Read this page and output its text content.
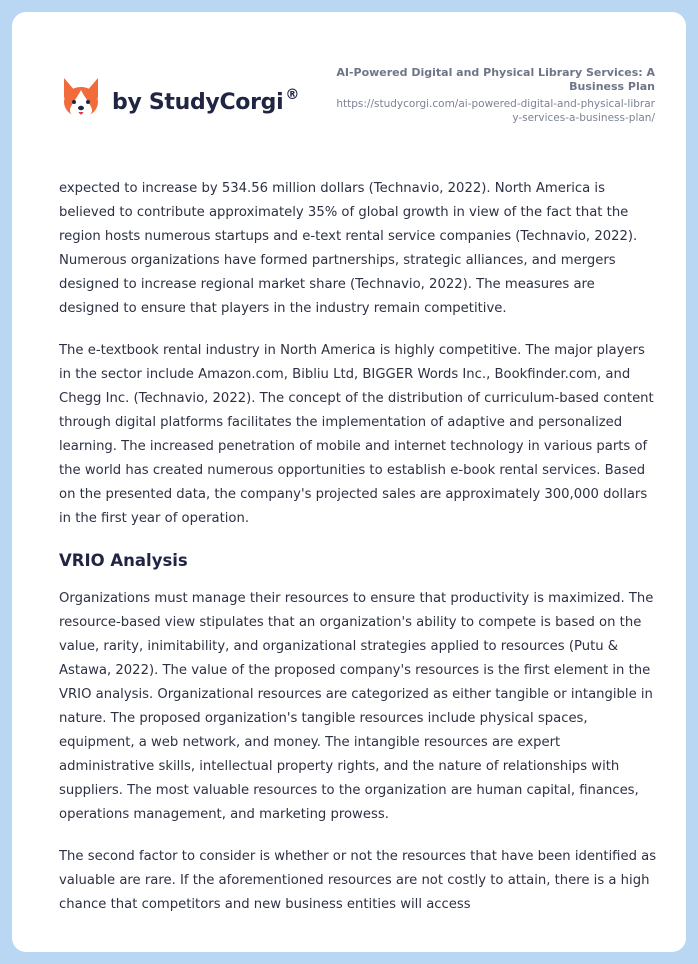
by StudyCorgi ®
AI-Powered Digital and Physical Library Services: A Business Plan
https://studycorgi.com/ai-powered-digital-and-physical-library-services-a-business-plan/

expected to increase by 534.56 million dollars (Technavio, 2022). North America is believed to contribute approximately 35% of global growth in view of the fact that the region hosts numerous startups and e-text rental service companies (Technavio, 2022). Numerous organizations have formed partnerships, strategic alliances, and mergers designed to increase regional market share (Technavio, 2022). The measures are designed to ensure that players in the industry remain competitive.

The e-textbook rental industry in North America is highly competitive. The major players in the sector include Amazon.com, Bibliu Ltd, BIGGER Words Inc., Bookfinder.com, and Chegg Inc. (Technavio, 2022). The concept of the distribution of curriculum-based content through digital platforms facilitates the implementation of adaptive and personalized learning. The increased penetration of mobile and internet technology in various parts of the world has created numerous opportunities to establish e-book rental services. Based on the presented data, the company's projected sales are approximately 300,000 dollars in the first year of operation.

VRIO Analysis

Organizations must manage their resources to ensure that productivity is maximized. The resource-based view stipulates that an organization's ability to compete is based on the value, rarity, inimitability, and organizational strategies applied to resources (Putu & Astawa, 2022). The value of the proposed company's resources is the first element in the VRIO analysis. Organizational resources are categorized as either tangible or intangible in nature. The proposed organization's tangible resources include physical spaces, equipment, a web network, and money. The intangible resources are expert administrative skills, intellectual property rights, and the nature of relationships with suppliers. The most valuable resources to the organization are human capital, finances, operations management, and marketing prowess.

The second factor to consider is whether or not the resources that have been identified as valuable are rare. If the aforementioned resources are not costly to attain, there is a high chance that competitors and new business entities will access
